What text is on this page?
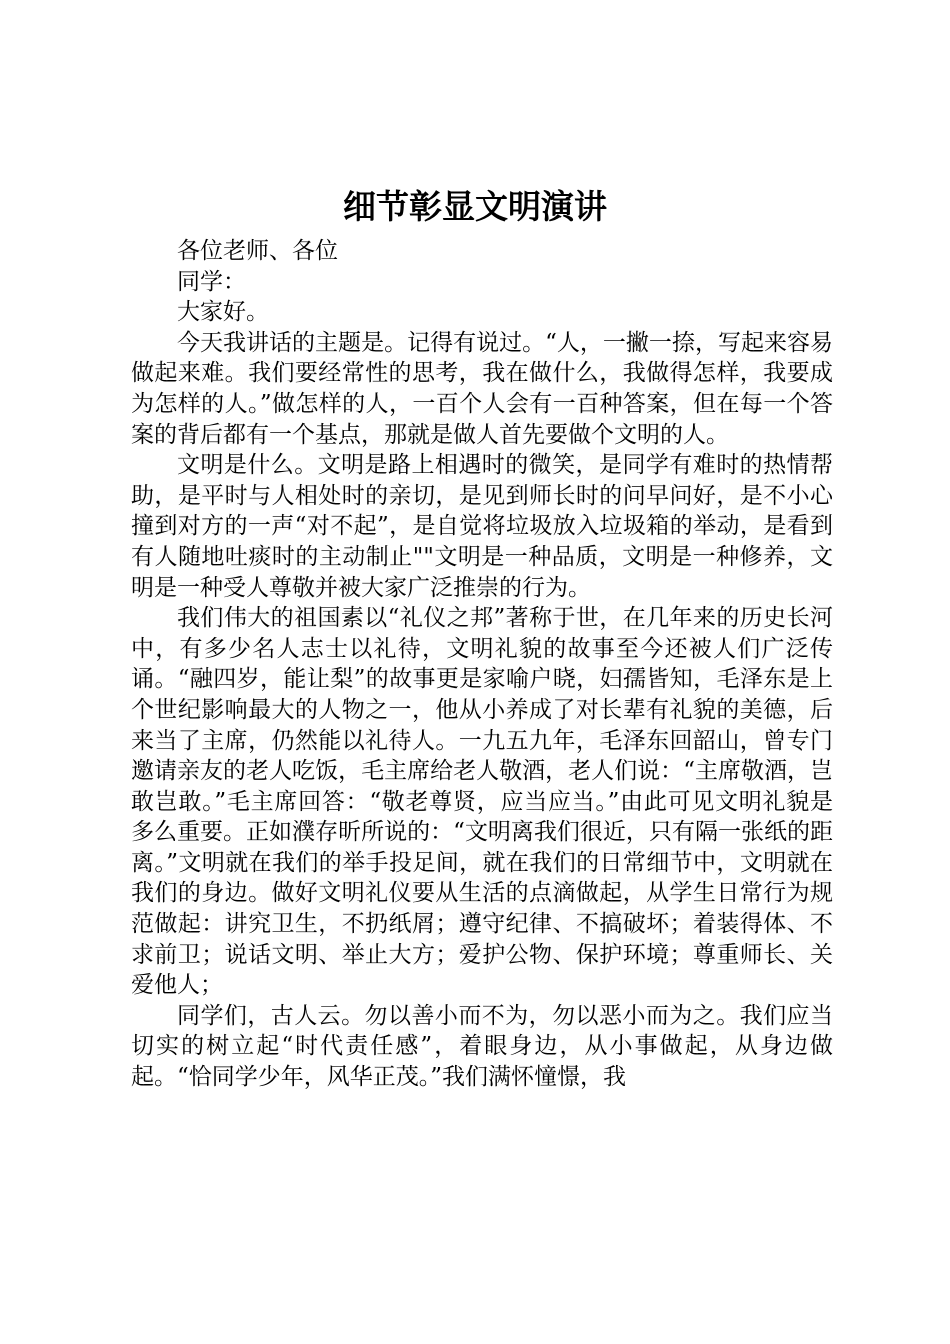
细节彰显文明演讲

各位老师、各位

同学：

大家好。

今天我讲话的主题是。记得有说过。“人，一撇一捺，写起来容易做起来难。我们要经常性的思考，我在做什么，我做得怎样，我要成为怎样的人。”做怎样的人，一百个人会有一百种答案，但在每一个答案的背后都有一个基点，那就是做人首先要做个文明的人。

文明是什么。文明是路上相遇时的微笑，是同学有难时的热情帮助，是平时与人相处时的亲切，是见到师长时的问早问好，是不小心撞到对方的一声“对不起”，是自觉将垃圾放入垃圾箱的举动，是看到有人随地吐痰时的主动制止""文明是一种品质，文明是一种修养，文明是一种受人尊敬并被大家广泛推崇的行为。

我们伟大的祖国素以“礼仪之邦”著称于世，在几年来的历史长河中，有多少名人志士以礼待，文明礼貌的故事至今还被人们广泛传诵。“融四岁，能让梨”的故事更是家喻户晓，妇孺皆知，毛泽东是上个世纪影响最大的人物之一，他从小养成了对长辈有礼貌的美德，后来当了主席，仍然能以礼待人。一九五九年，毛泽东回韶山，曾专门邀请亲友的老人吃饭，毛主席给老人敬酒，老人们说：“主席敬酒，岂敢岂敢。”毛主席回答：“敬老尊贤，应当应当。”由此可见文明礼貌是多么重要。正如濮存昕所说的：“文明离我们很近，只有隔一张纸的距离。”文明就在我们的举手投足间，就在我们的日常细节中，文明就在我们的身边。做好文明礼仪要从生活的点滴做起，从学生日常行为规范做起：讲究卫生，不扔纸屑；遵守纪律、不搞破坏；着装得体、不求前卫；说话文明、举止大方；爱护公物、保护环境；尊重师长、关爱他人；

同学们，古人云。勿以善小而不为，勿以恶小而为之。我们应当切实的树立起“时代责任感”，着眼身边，从小事做起，从身边做起。“恰同学少年，风华正茂。”我们满怀憧憬，我
